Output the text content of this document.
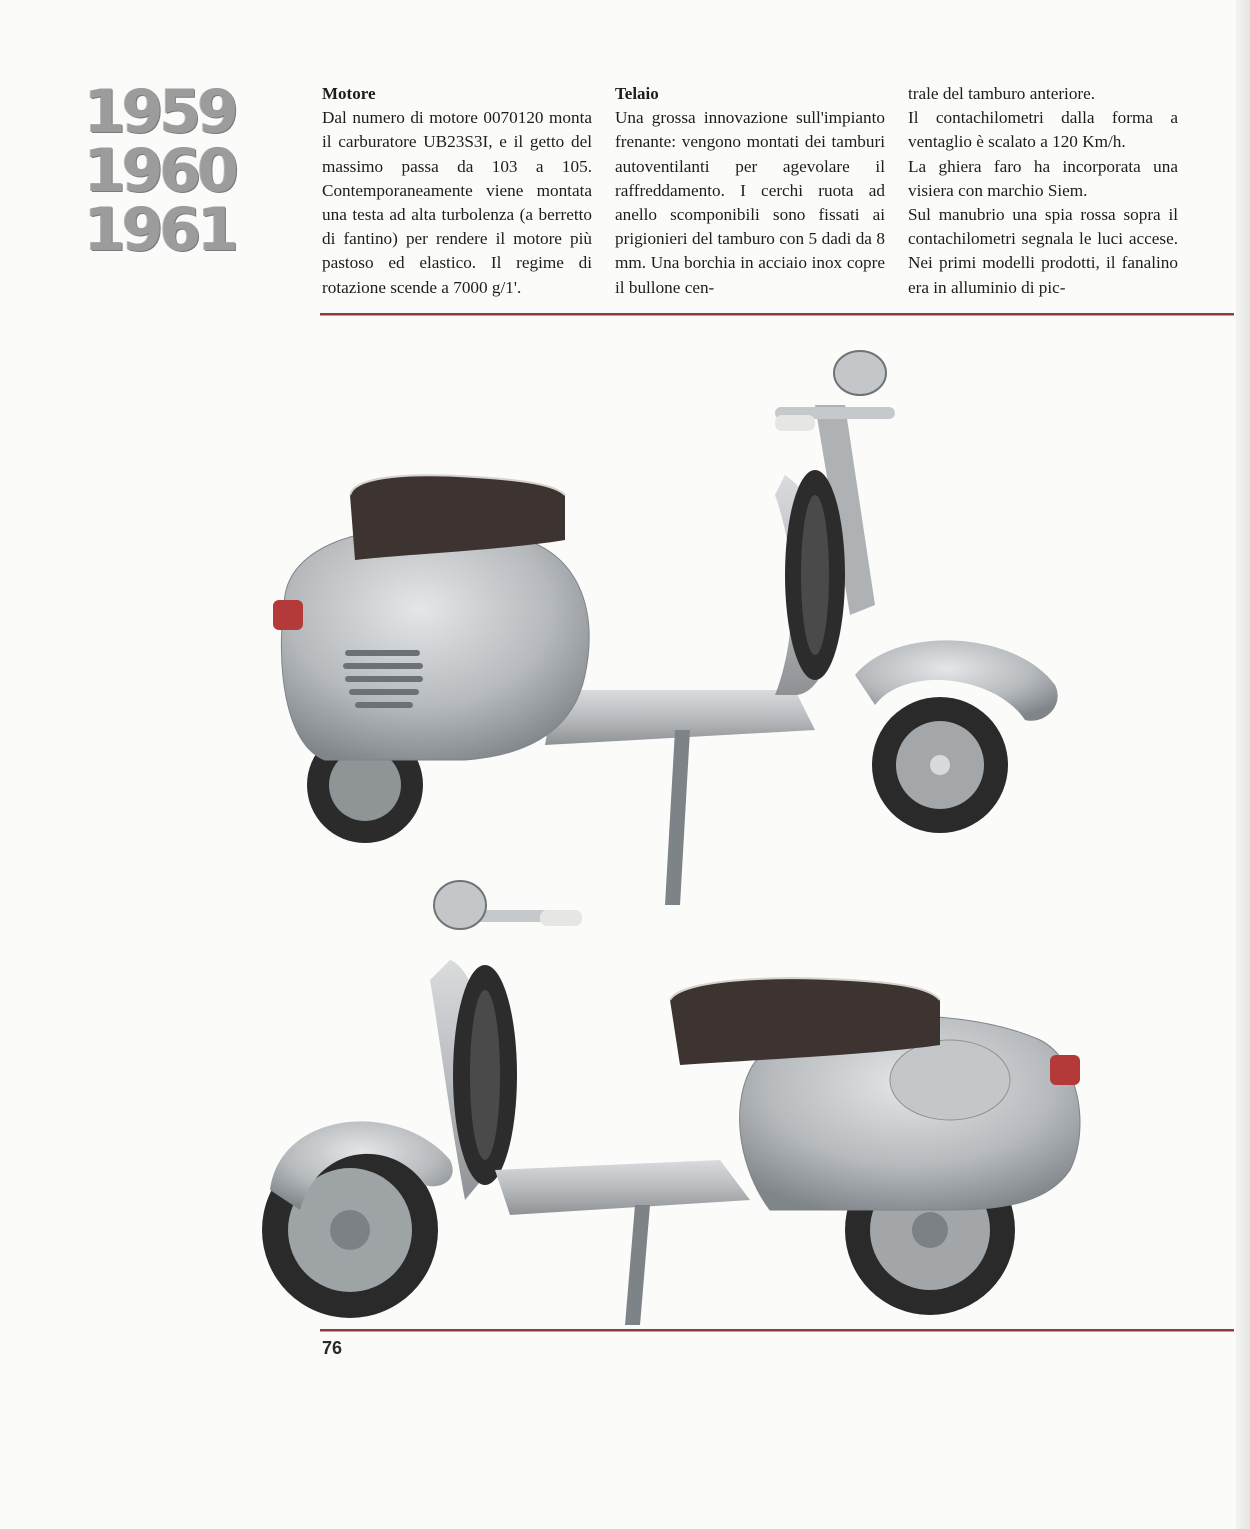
1959
1960
1961
Motore

Dal numero di motore 0070120 monta il carburatore UB23S3I, e il getto del massimo passa da 103 a 105. Contemporaneamente viene montata una testa ad alta turbolenza (a berretto di fantino) per rendere il motore più pastoso ed elastico. Il regime di rotazione scende a 7000 g/1'.

Telaio

Una grossa innovazione sull'impianto frenante: vengono montati dei tamburi autoventilanti per agevolare il raffreddamento. I cerchi ruota ad anello scomponibili sono fissati ai prigionieri del tamburo con 5 dadi da 8 mm. Una borchia in acciaio inox copre il bullone cen-

trale del tamburo anteriore.

Il contachilometri dalla forma a ventaglio è scalato a 120 Km/h.

La ghiera faro ha incorporata una visiera con marchio Siem.

Sul manubrio una spia rossa sopra il contachilometri segnala le luci accese. Nei primi modelli prodotti, il fanalino era in alluminio di pic-

76
